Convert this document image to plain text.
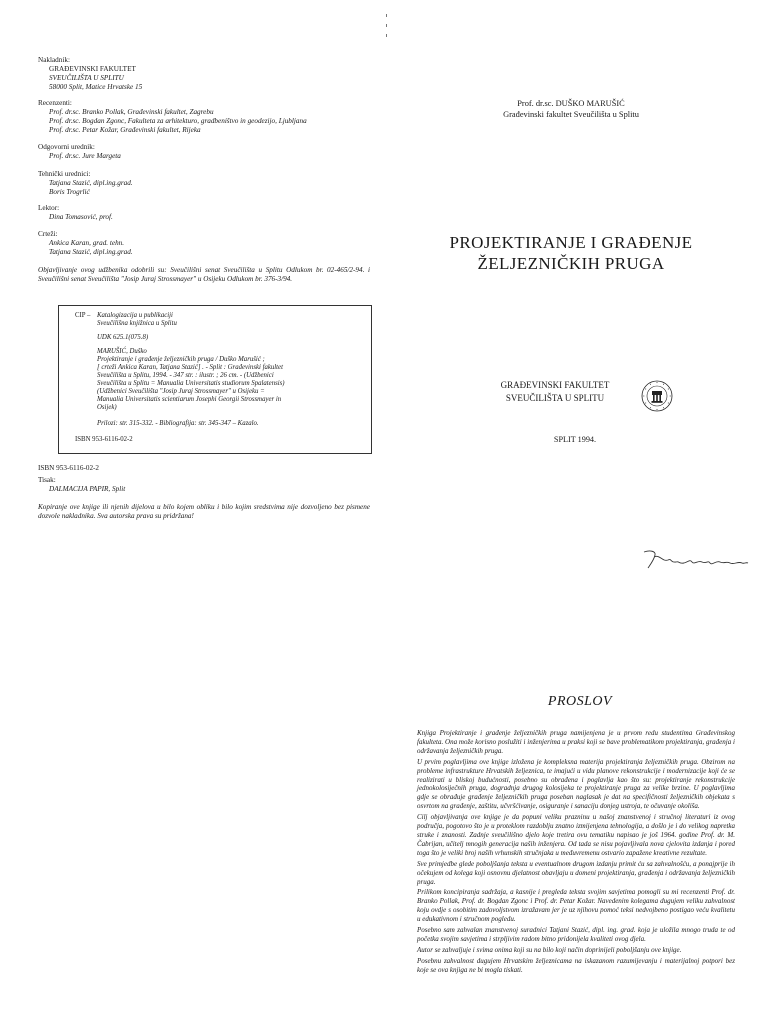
Nakladnik:
GRAĐEVINSKI FAKULTET
SVEUČILIŠTA U SPLITU
58000 Split, Matice Hrvatske 15
Recenzenti:
Prof. dr.sc. Branko Pollak, Građevinski fakultet, Zagrebu
Prof. dr.sc. Bogdan Zgonc, Fakulteta za arhitekturo, gradbeništvo in geodezijo, Ljubljana
Prof. dr.sc. Petar Kožar, Građevinski fakultet, Rijeka
Odgovorni urednik:
Prof. dr.sc. Jure Margeta
Tehnički urednici:
Tatjana Stazić, dipl.ing.grad.
Boris Trogrlić
Lektor:
Dina Tomasović, prof.
Crteži:
Ankica Karan, grad. tehn.
Tatjana Stazić, dipl.ing.grad.
Objavljivanje ovog udžbenika odobrili su: Sveučilišni senat Sveučilišta u Splitu Odlukom br. 02-465/2-94. i Sveučilišni senat Sveučilišta "Josip Juraj Strossmayer" u Osijeku Odlukom br. 376-3/94.
CIP – Katalogizacija u publikaciji
Sveučilišna knjižnica u Splitu
UDK 625.1(075.8)
MARUŠIĆ, Duško
Projektiranje i građenje željezničkih pruga / Duško Marušić ;
[ crteži Ankica Karan, Tatjana Stazić] . - Split : Građevinski fakultet
Sveučilišta u Splitu, 1994. - 347 str. : ilustr. ; 26 cm. - (Udžbenici
Sveučilišta u Splitu = Manualia Universitatis studiorum Spalatensis)
(Udžbenici Sveučilišta "Josip Juraj Strossmayer" u Osijeku =
Manualia Universitatis scientiarum Josephi Georgii Strossmayer in
Osijek)
Prilozi: str. 315-332. - Bibliografija: str. 345-347 – Kazalo.
ISBN 953-6116-02-2
ISBN 953-6116-02-2
Tisak:
DALMACIJA PAPIR, Split
Kopiranje ove knjige ili njenih dijelova u bilo kojem obliku i bilo kojim sredstvima nije dozvoljeno bez pismene dozvole nakladnika. Sva autorska prava su pridržana!
Prof. dr.sc. DUŠKO MARUŠIĆ
Građevinski fakultet Sveučilišta u Splitu
PROJEKTIRANJE I GRAĐENJE
ŽELJEZNIČKIH PRUGA
GRAĐEVINSKI FAKULTET
SVEUČILIŠTA U SPLITU
SPLIT 1994.
PROSLOV

Knjiga Projektiranje i građenje željezničkih pruga namijenjena je u prvom redu studentima Građevinskog fakulteta. Ona može korisno poslužiti i inženjerima u praksi koji se bave problematikom projektiranja, građenja i održavanja željezničkih pruga.

U prvim poglavljima ove knjige izložena je kompleksna materija projektiranja željezničkih pruga. Obzirom na probleme infrastrukture Hrvatskih željeznica, te imajući u vidu planove rekonstrukcije i modernizacije koji će se realizirati u bliskoj budućnosti, posebno su obrađena i poglavlja kao što su: projektiranje rekonstrukcije jednokolosiječnih pruga, dogradnja drugog kolosijeka te projektiranje pruga za velike brzine. U poglavljima gdje se obrađuje građenje željezničkih pruga poseban naglasak je dat na specifičnosti željezničkih objekata s osvrtom na građenje, zaštitu, učvršćivanje, osiguranje i sanaciju donjeg ustroja, te očuvanje okoliša.

Cilj objavljivanja ove knjige je da popuni veliku prazninu u našoj znanstvenoj i stručnoj literaturi iz ovog područja, pogotovo što je u proteklom razdoblju znatno izmijenjena tehnologija, a došlo je i do velikog napretka struke i znanosti. Zadnje sveučilišno djelo koje tretira ovu tematiku napisao je još 1964. godine Prof. dr. M. Čabrijan, učitelj mnogih generacija naših inženjera. Od tada se nisu pojavljivala nova cjelovita izdanja i pored toga što je veliki broj naših vrhunskih stručnjaka u međuvremenu ostvario zapažene kreativne rezultate.

Sve primjedbe glede poboljšanja teksta u eventualnom drugom izdanju primit ću sa zahvalnošću, a ponajprije ih očekujem od kolega koji osnovnu djelatnost obavljaju u domeni projektiranja, građenja i održavanja željezničkih pruga.

Prilikom koncipiranja sadržaja, a kasnije i pregleda teksta svojim savjetima pomogli su mi recenzenti Prof. dr. Branko Pollak, Prof. dr. Bogdan Zgonc i Prof. dr. Petar Kožar. Navedenim kolegama dugujem veliku zahvalnost koju ovdje s osobitim zadovoljstvom izražavam jer je uz njihovu pomoć teksi nedvojbeno postigao veću kvalitetu u edukativnom i stručnom pogledu.

Posebno sam zahvalan znanstvenoj suradnici Tatjani Stazić, dipl. ing. grad. koja je uložila mnogo truda te od početka svojim savjetima i strpljivim radom bitno pridonijela kvaliteti ovog djela.

Autor se zahvaljuje i svima onima koji su na bilo koji način doprinijeli poboljšanju ove knjige.

Posebnu zahvalnost dugujem Hrvatskim željeznicama na iskazanom razumijevanju i materijalnoj potpori bez koje se ova knjiga ne bi mogla tiskati.
